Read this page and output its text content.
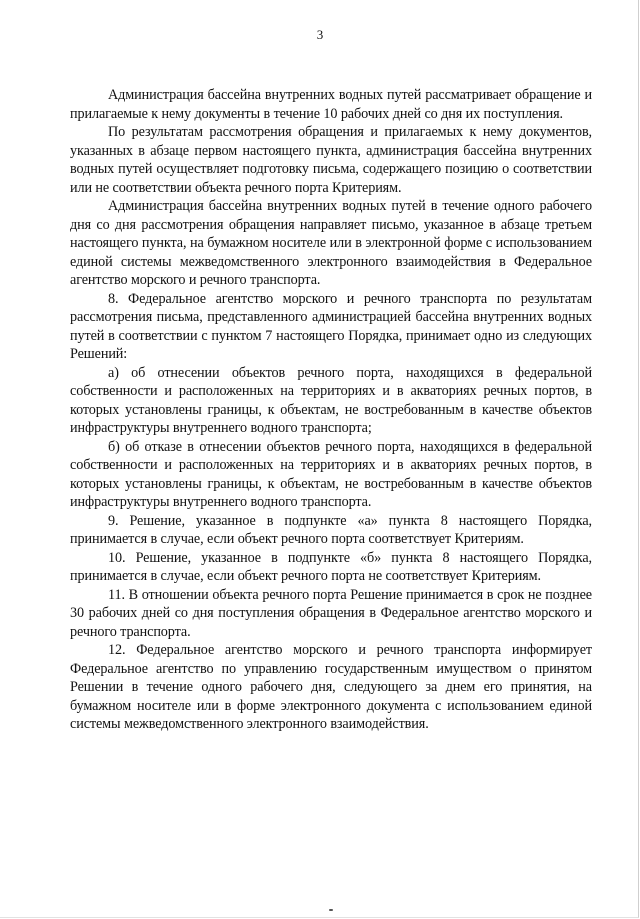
3

Администрация бассейна внутренних водных путей рассматривает обращение и прилагаемые к нему документы в течение 10 рабочих дней со дня их поступления.

По результатам рассмотрения обращения и прилагаемых к нему документов, указанных в абзаце первом настоящего пункта, администрация бассейна внутренних водных путей осуществляет подготовку письма, содержащего позицию о соответствии или не соответствии объекта речного порта Критериям.

Администрация бассейна внутренних водных путей в течение одного рабочего дня со дня рассмотрения обращения направляет письмо, указанное в абзаце третьем настоящего пункта, на бумажном носителе или в электронной форме с использованием единой системы межведомственного электронного взаимодействия в Федеральное агентство морского и речного транспорта.

8. Федеральное агентство морского и речного транспорта по результатам рассмотрения письма, представленного администрацией бассейна внутренних водных путей в соответствии с пунктом 7 настоящего Порядка, принимает одно из следующих Решений:

а) об отнесении объектов речного порта, находящихся в федеральной собственности и расположенных на территориях и в акваториях речных портов, в которых установлены границы, к объектам, не востребованным в качестве объектов инфраструктуры внутреннего водного транспорта;

б) об отказе в отнесении объектов речного порта, находящихся в федеральной собственности и расположенных на территориях и в акваториях речных портов, в которых установлены границы, к объектам, не востребованным в качестве объектов инфраструктуры внутреннего водного транспорта.

9. Решение, указанное в подпункте «а» пункта 8 настоящего Порядка, принимается в случае, если объект речного порта соответствует Критериям.

10. Решение, указанное в подпункте «б» пункта 8 настоящего Порядка, принимается в случае, если объект речного порта не соответствует Критериям.

11. В отношении объекта речного порта Решение принимается в срок не позднее 30 рабочих дней со дня поступления обращения в Федеральное агентство морского и речного транспорта.

12. Федеральное агентство морского и речного транспорта информирует Федеральное агентство по управлению государственным имуществом о принятом Решении в течение одного рабочего дня, следующего за днем его принятия, на бумажном носителе или в форме электронного документа с использованием единой системы межведомственного электронного взаимодействия.
